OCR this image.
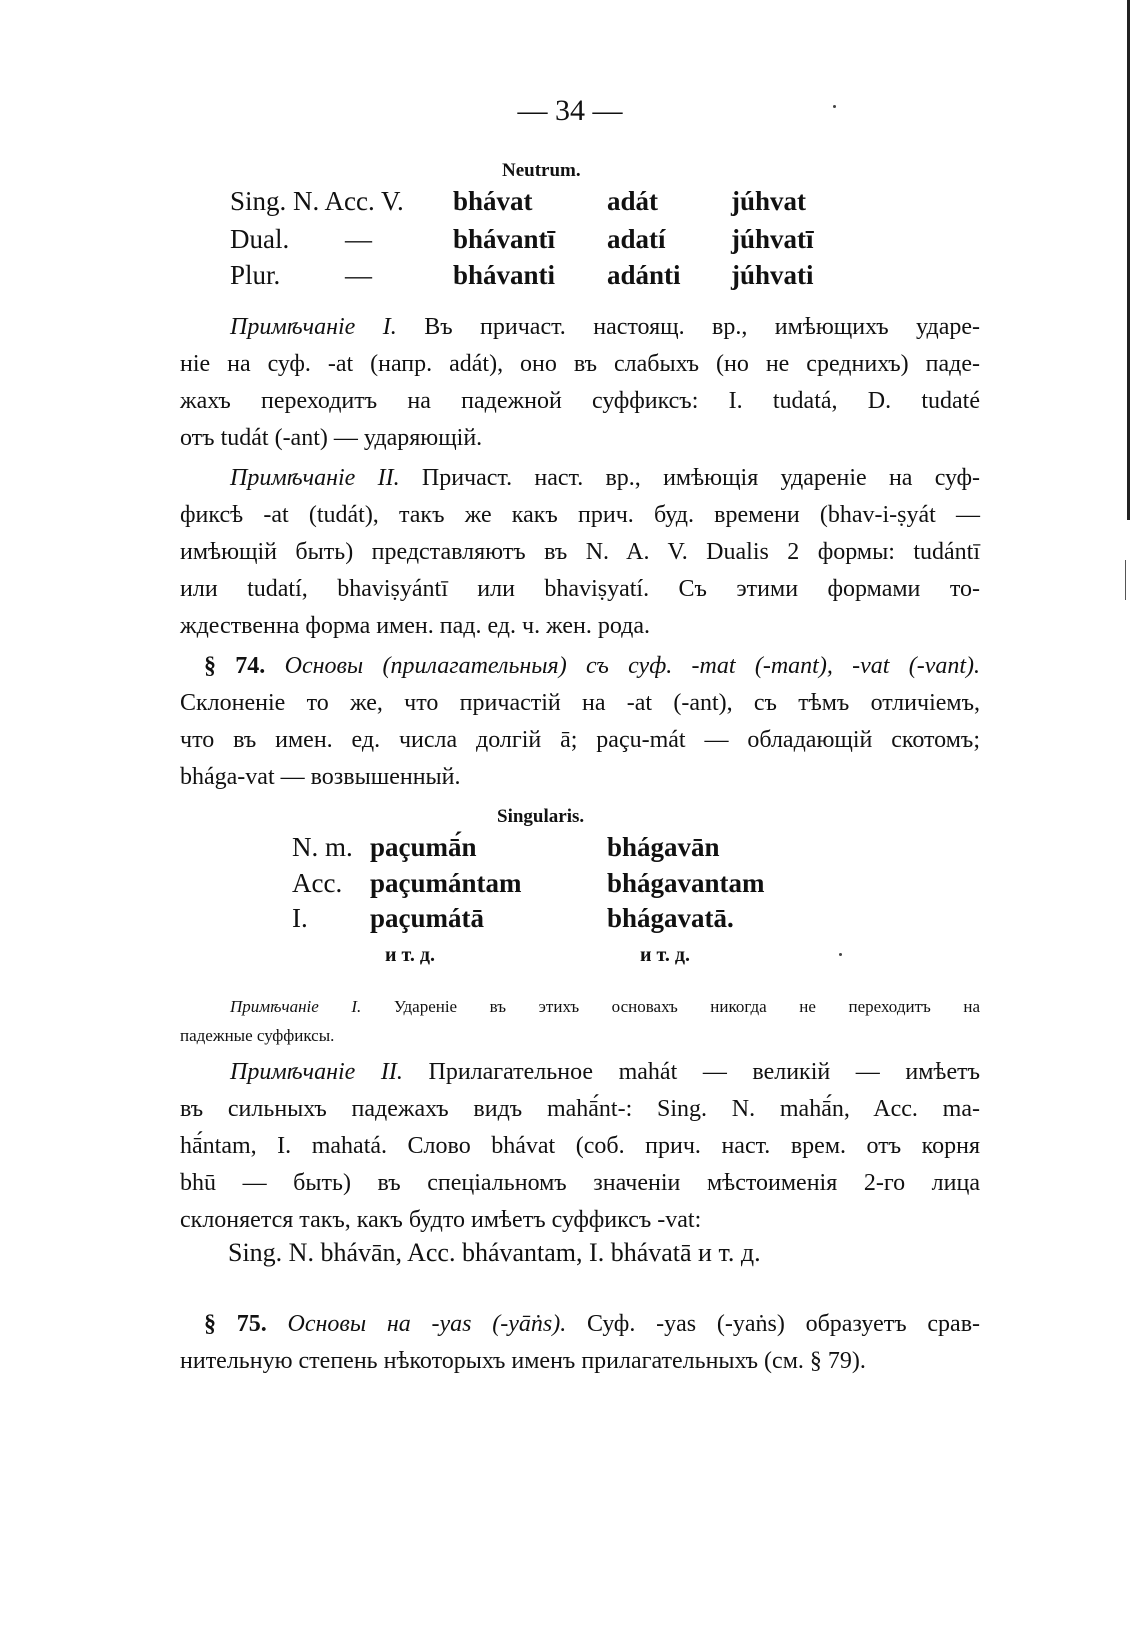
— 34 —
Neutrum.
Sing. N. Acc. V. bhávat	adát	júhvat
Dual. —	bhávantī adatí júhvatī
Plur. —	bhávanti adánti júhvati
Примѣчанiе I. Въ причаст. настоящ. вр., имѣющихъ ударе-
нiе на суф. -at (напр. adát), оно въ слабыхъ (но не среднихъ) паде-
жахъ переходитъ на падежной суффиксъ: I. tudatá, D. tudaté
отъ tudát (-ant) — ударяющiй.
Примѣчанiе II. Причаст. наст. вр., имѣющiя ударенiе на суф-
фиксѣ -at (tudát), такъ же какъ прич. буд. времени (bhav-i-ṣyát —
имѣющiй быть) представляютъ въ N. A. V. Dualis 2 формы: tudántī
или tudatí, bhaviṣyántī или bhaviṣyatí. Съ этими формами то-
ждественна форма имен. пад. ед. ч. жен. рода.
§ 74. Основы (прилагательныя) съ суф. -mat (-mant), -vat (-vant).
Склоненiе то же, что причастiй на -at (-ant), съ тѣмъ отличiемъ,
что въ имен. ед. числа долгiй ā; paçu-mát — обладающiй скотомъ;
bhága-vat — возвышенный.
Singularis.
N. m. paçumā́n	bhágavān
Acc. paçumántam	bhágavantam
I. paçumátā	bhágavatā.
и т. д.	и т. д.
Примѣчанiе I. Ударенiе въ этихъ основахъ никогда не переходитъ на
падежные суффиксы.
Примѣчанiе II. Прилагательное mahát — великiй — имѣетъ
въ сильныхъ падежахъ видъ mahā́nt-: Sing. N. mahā́n, Acc. ma-
hā́ntam, I. mahatá. Слово bhávat (соб. прич. наст. врем. отъ корня
bhū — быть) въ спецiальномъ значенiи мѣстоименiя 2-го лица
склоняется такъ, какъ будто имѣетъ суффиксъ -vat:
Sing. N. bhávān, Acc. bhávantam, I. bhávatā и т. д.
§ 75. Основы на -yas (-yāṅs). Суф. -yas (-yaṅs) образуетъ срав-
нительную степень нѣкоторыхъ именъ прилагательныхъ (см. § 79).
